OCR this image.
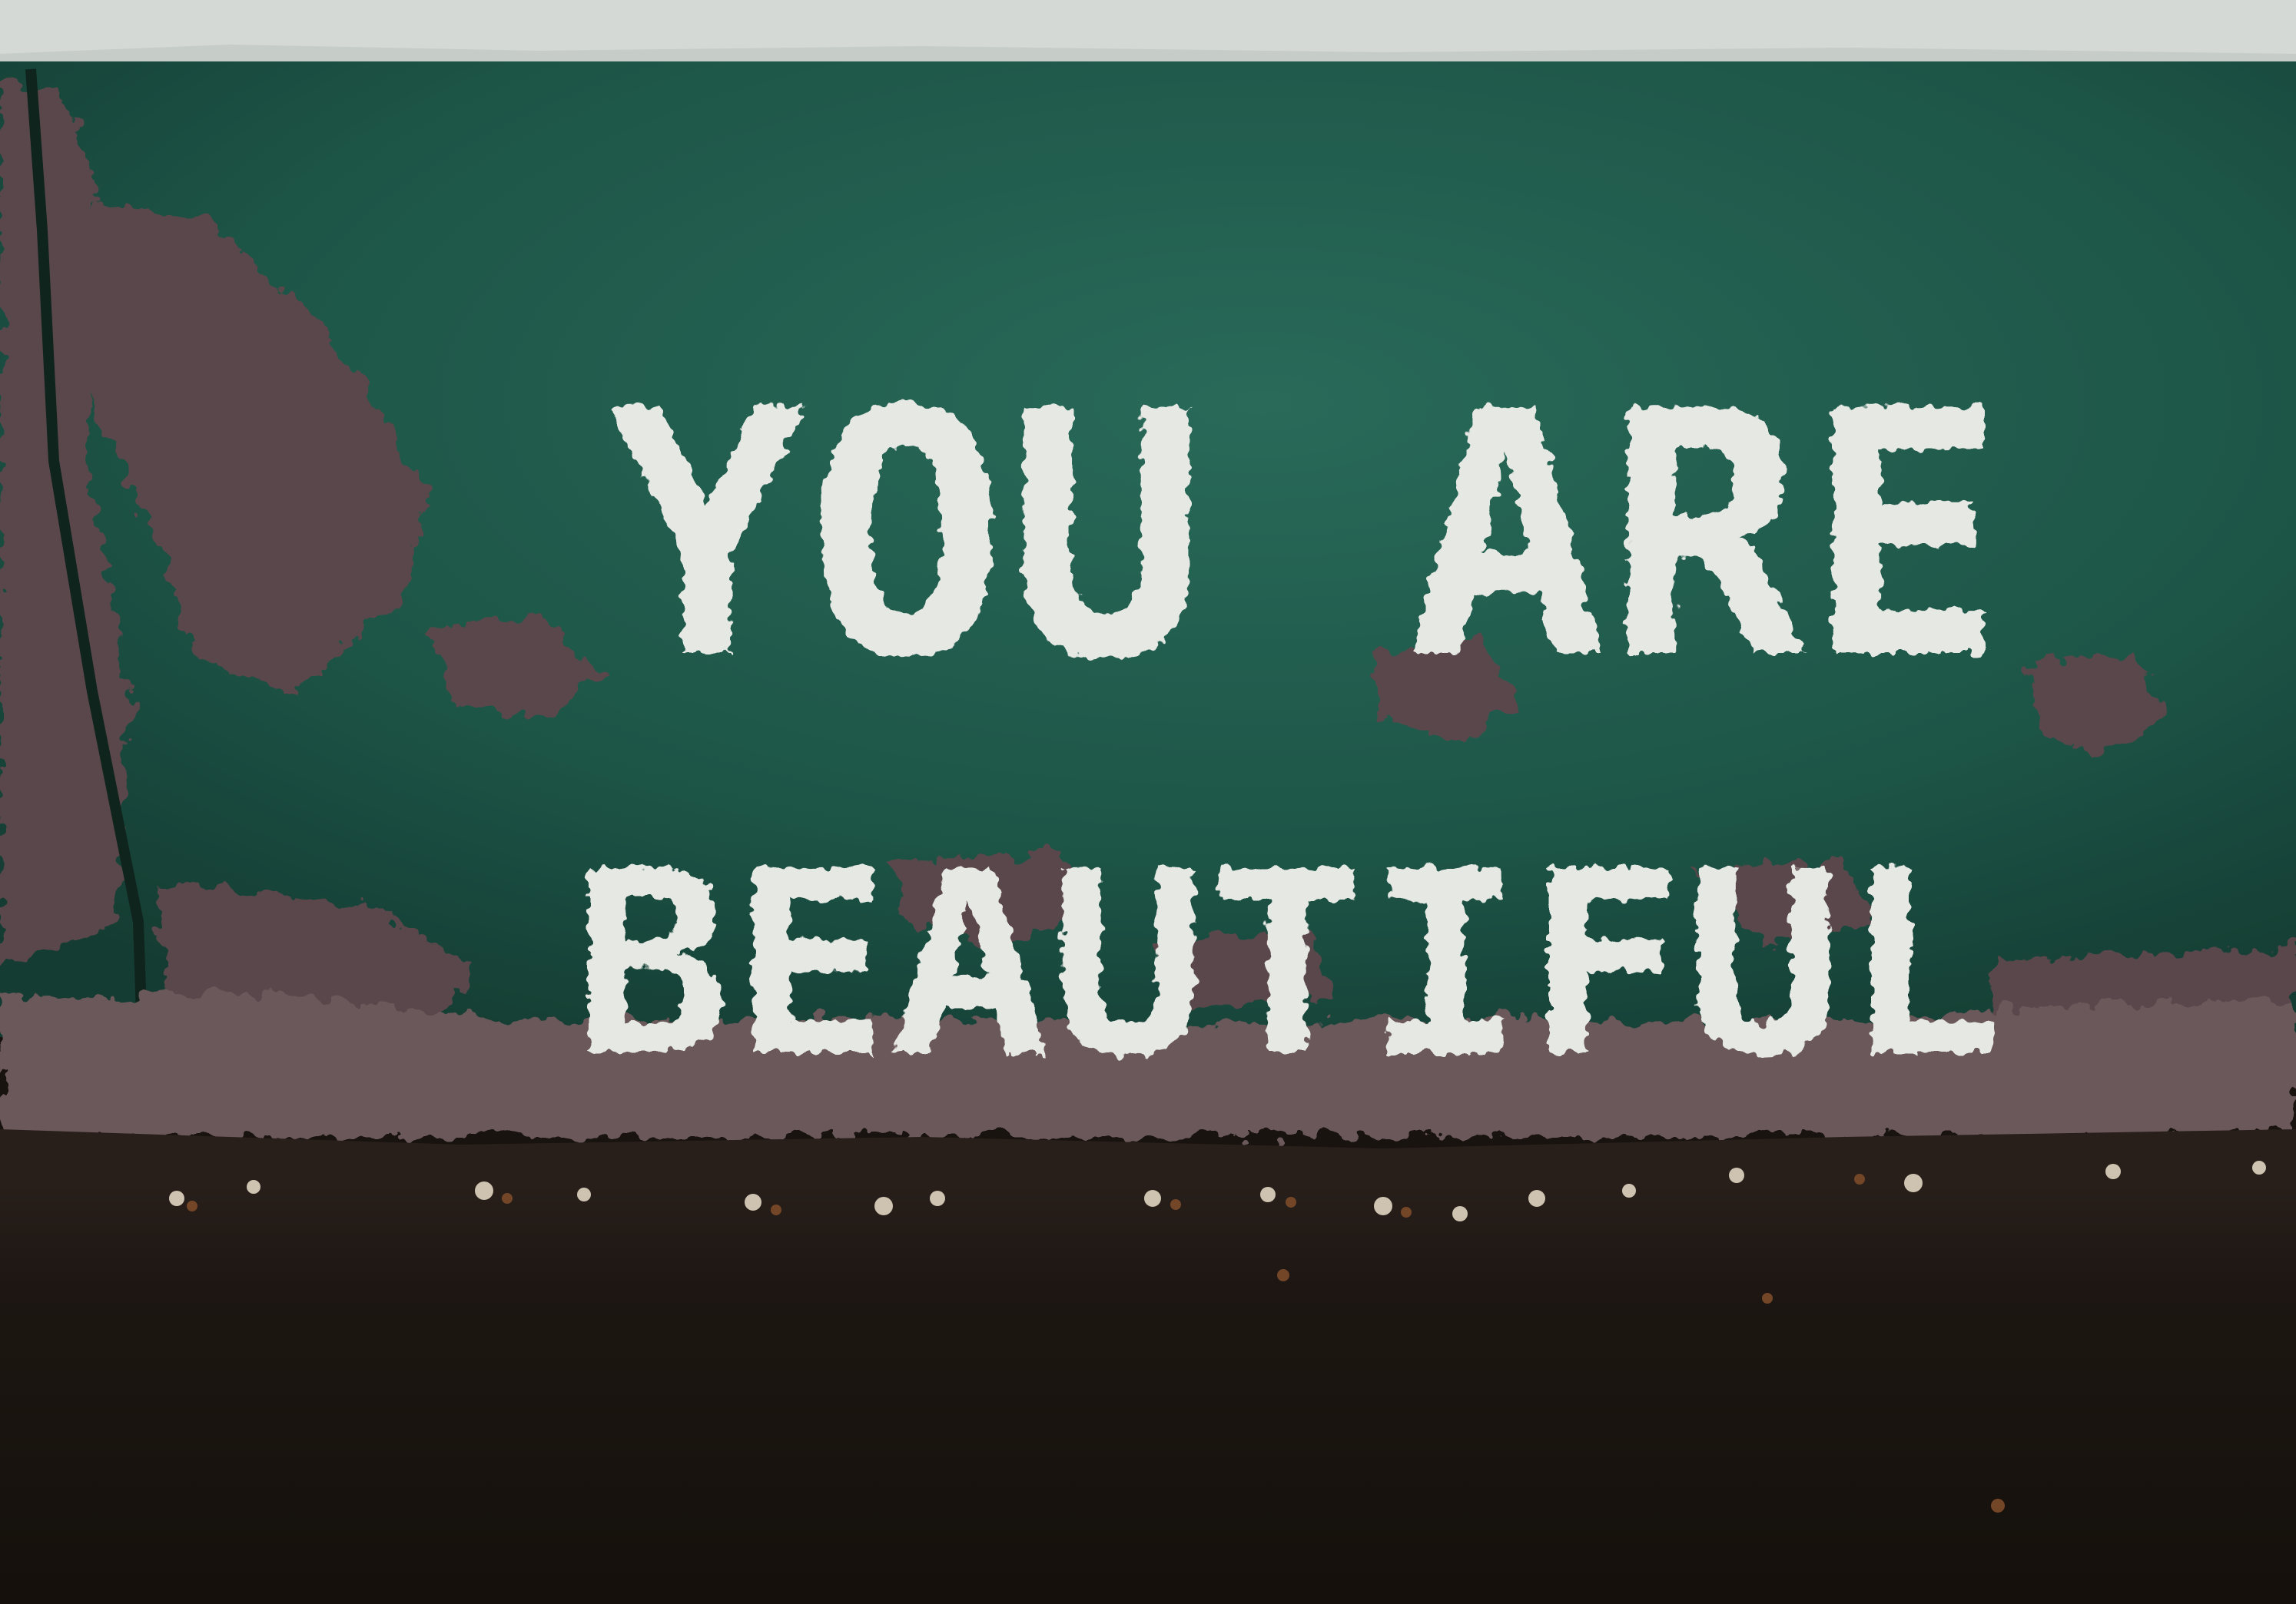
YOU ARE
BEAUTIFUL
